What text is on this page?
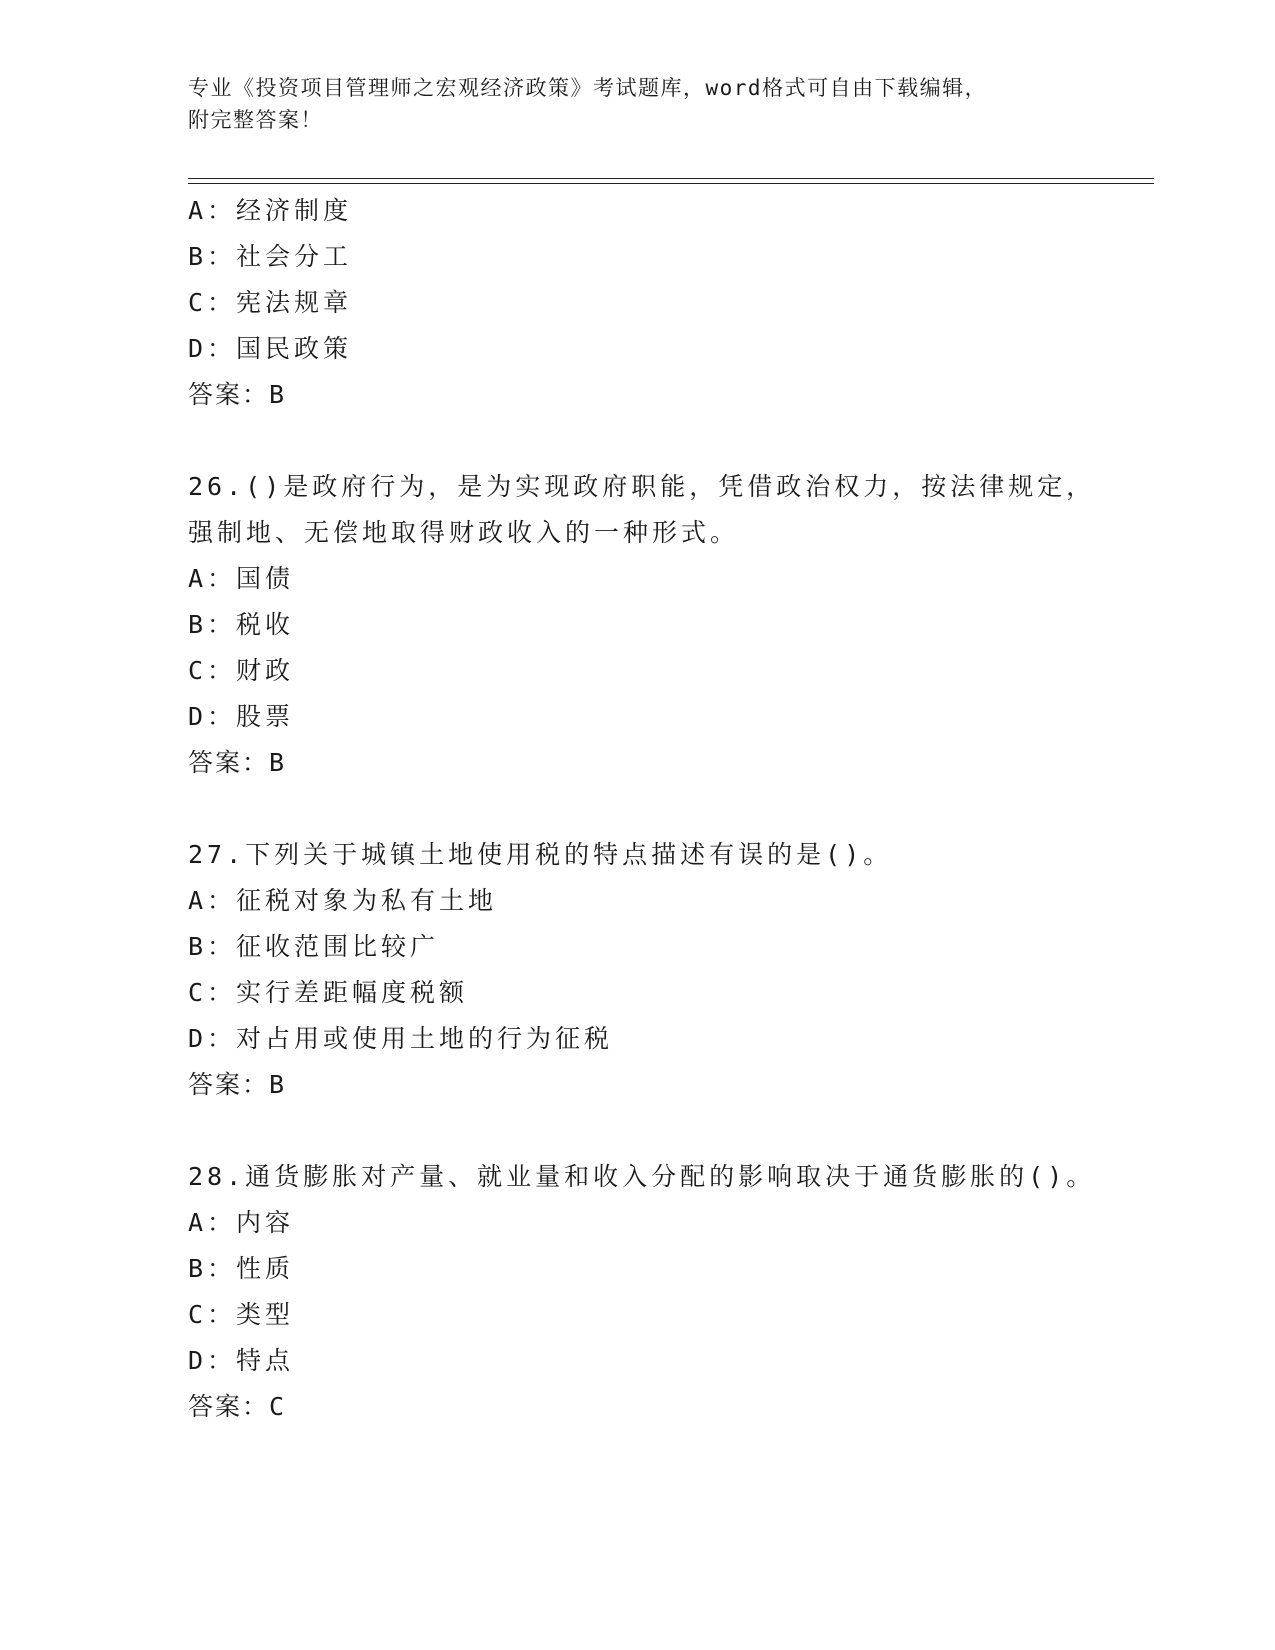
专业《投资项目管理师之宏观经济政策》考试题库，word格式可自由下载编辑，
附完整答案！
A：经济制度
B：社会分工
C：宪法规章
D：国民政策
答案：B
26.()是政府行为，是为实现政府职能，凭借政治权力，按法律规定，
强制地、无偿地取得财政收入的一种形式。
A：国债
B：税收
C：财政
D：股票
答案：B
27.下列关于城镇土地使用税的特点描述有误的是()。
A：征税对象为私有土地
B：征收范围比较广
C：实行差距幅度税额
D：对占用或使用土地的行为征税
答案：B
28.通货膨胀对产量、就业量和收入分配的影响取决于通货膨胀的()。
A：内容
B：性质
C：类型
D：特点
答案：C
